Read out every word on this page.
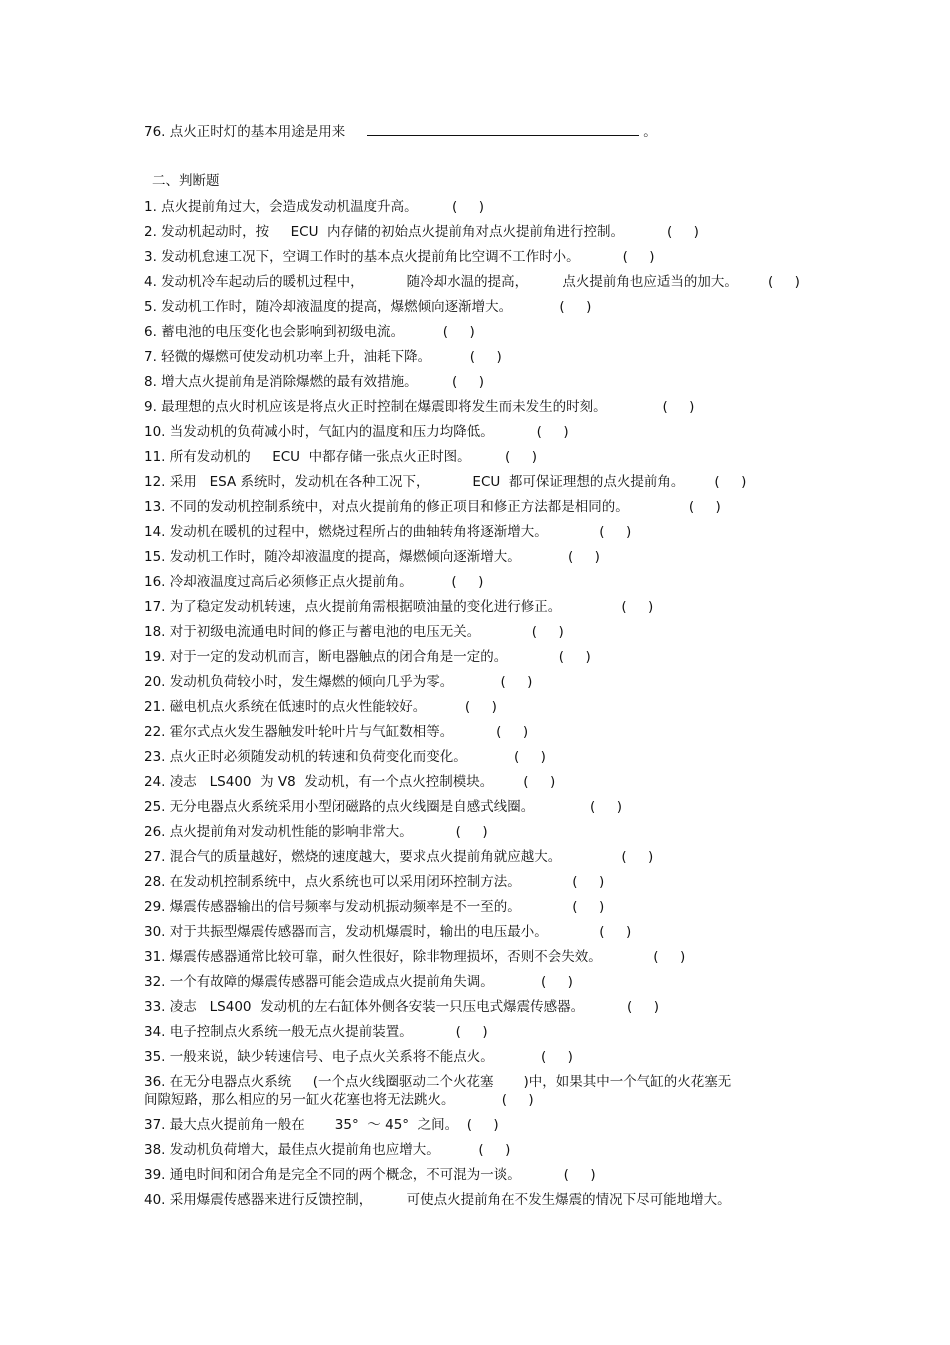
76. 点火正时灯的基本用途是用来	。
二、判断题
1. 点火提前角过大，会造成发动机温度升高。        (     )
2. 发动机起动时，按     ECU  内存储的初始点火提前角对点火提前角进行控制。          (     )
3. 发动机怠速工况下，空调工作时的基本点火提前角比空调不工作时小。          (     )
4. 发动机冷车起动后的暖机过程中，          随冷却水温的提高，        点火提前角也应适当的加大。       (     )
5. 发动机工作时，随冷却液温度的提高，爆燃倾向逐渐增大。           (     )
6. 蓄电池的电压变化也会影响到初级电流。         (     )
7. 轻微的爆燃可使发动机功率上升，油耗下降。         (     )
8. 增大点火提前角是消除爆燃的最有效措施。        (     )
9. 最理想的点火时机应该是将点火正时控制在爆震即将发生而未发生的时刻。             (     )
10. 当发动机的负荷减小时，气缸内的温度和压力均降低。          (     )
11. 所有发动机的     ECU  中都存储一张点火正时图。        (     )
12. 采用   ESA 系统时，发动机在各种工况下，          ECU  都可保证理想的点火提前角。       (     )
13. 不同的发动机控制系统中，对点火提前角的修正项目和修正方法都是相同的。              (     )
14. 发动机在暖机的过程中，燃烧过程所占的曲轴转角将逐渐增大。            (     )
15. 发动机工作时，随冷却液温度的提高，爆燃倾向逐渐增大。           (     )
16. 冷却液温度过高后必须修正点火提前角。         (     )
17. 为了稳定发动机转速，点火提前角需根据喷油量的变化进行修正。              (     )
18. 对于初级电流通电时间的修正与蓄电池的电压无关。            (     )
19. 对于一定的发动机而言，断电器触点的闭合角是一定的。            (     )
20. 发动机负荷较小时，发生爆燃的倾向几乎为零。           (     )
21. 磁电机点火系统在低速时的点火性能较好。         (     )
22. 霍尔式点火发生器触发叶轮叶片与气缸数相等。          (     )
23. 点火正时必须随发动机的转速和负荷变化而变化。           (     )
24. 凌志   LS400  为 V8  发动机，有一个点火控制模块。       (     )
25. 无分电器点火系统采用小型闭磁路的点火线圈是自感式线圈。             (     )
26. 点火提前角对发动机性能的影响非常大。          (     )
27. 混合气的质量越好，燃烧的速度越大，要求点火提前角就应越大。              (     )
28. 在发动机控制系统中，点火系统也可以采用闭环控制方法。            (     )
29. 爆震传感器输出的信号频率与发动机振动频率是不一至的。            (     )
30. 对于共振型爆震传感器而言，发动机爆震时，输出的电压最小。            (     )
31. 爆震传感器通常比较可靠，耐久性很好，除非物理损坏，否则不会失效。            (     )
32. 一个有故障的爆震传感器可能会造成点火提前角失调。           (     )
33. 凌志   LS400  发动机的左右缸体外侧各安装一只压电式爆震传感器。          (     )
34. 电子控制点火系统一般无点火提前装置。          (     )
35. 一般来说，缺少转速信号、电子点火关系将不能点火。           (     )
36. 在无分电器点火系统     (一个点火线圈驱动二个火花塞       )中，如果其中一个气缸的火花塞无
间隙短路，那么相应的另一缸火花塞也将无法跳火。           (     )
37. 最大点火提前角一般在       35°  ～ 45°  之间。  (     )
38. 发动机负荷增大，最佳点火提前角也应增大。         (     )
39. 通电时间和闭合角是完全不同的两个概念，不可混为一谈。          (     )
40. 采用爆震传感器来进行反馈控制，        可使点火提前角在不发生爆震的情况下尽可能地增大。
